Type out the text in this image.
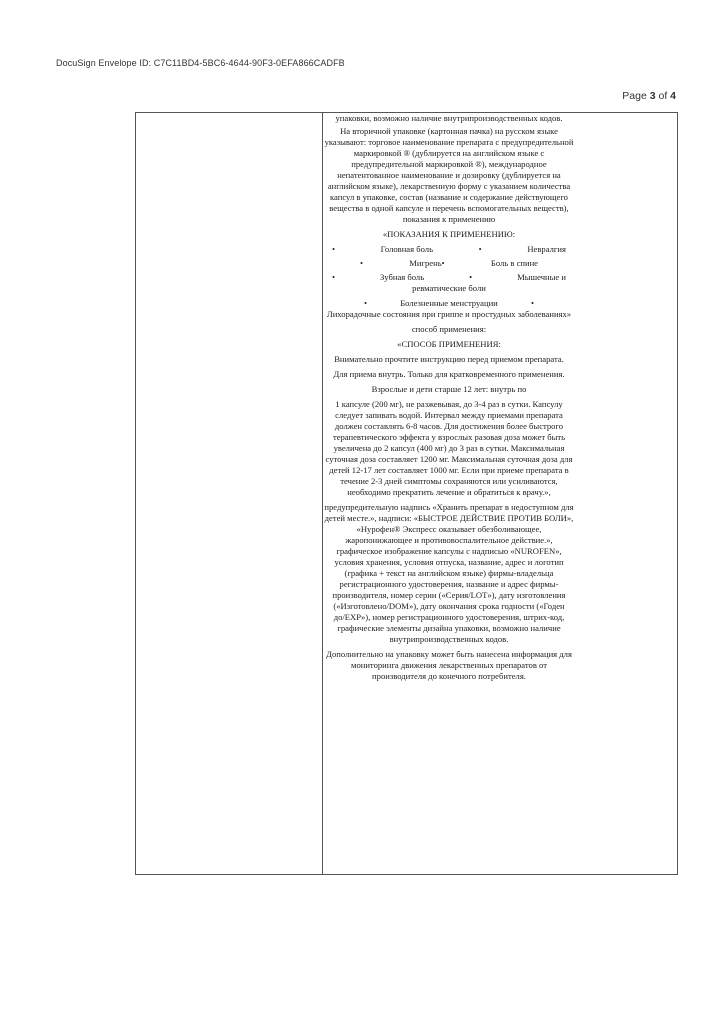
DocuSign Envelope ID: C7C11BD4-5BC6-4644-90F3-0EFA866CADFB
Page 3 of 4

упаковки, возможно наличие внутрипроизводственных кодов.

На вторичной упаковке (картонная пачка) на русском языке указывают: торговое наименование препарата с предупредительной маркировкой ® (дублируется на английском языке с предупредительной маркировкой ®), международное непатентованное наименование и дозировку (дублируется на английском языке), лекарственную форму с указанием количества капсул в упаковке, состав (название и содержание действующего вещества в одной капсуле и перечень вспомогательных веществ), показания к применению

«ПОКАЗАНИЯ К ПРИМЕНЕНИЮ:

•	Головная боль	•	Невралгия
•	Мигрень•	Боль в спине
•	Зубная боль	•	Мышечные и

ревматические боли

•	Болезненные менструации	•

Лихорадочные состояния при гриппе и простудных заболеваниях»

способ применения:

«СПОСОБ ПРИМЕНЕНИЯ:

Внимательно прочтите инструкцию перед приемом препарата.

Для приема внутрь. Только для кратковременного применения.

Взрослые и дети старше 12 лет: внутрь по

1 капсуле (200 мг), не разжевывая, до 3-4 раз в сутки. Капсулу следует запивать водой. Интервал между приемами препарата должен составлять 6-8 часов. Для достижения более быстрого терапевтического эффекта у взрослых разовая доза может быть увеличена до 2 капсул (400 мг) до 3 раз в сутки. Максимальная суточная доза составляет 1200 мг. Максимальная суточная доза для детей 12-17 лет составляет 1000 мг. Если при приеме препарата в течение 2-3 дней симптомы сохраняются или усиливаются, необходимо прекратить лечение и обратиться к врачу.»,

предупредительную надпись «Хранить препарат в недоступном для детей месте.», надписи: «БЫСТРОЕ ДЕЙСТВИЕ ПРОТИВ БОЛИ», «Нурофен® Экспресс оказывает обезболивающее, жаропонижающее и противовоспалительное действие.», графическое изображение капсулы с надписью «NUROFEN», условия хранения, условия отпуска, название, адрес и логотип (графика + текст на английском языке) фирмы-владельца регистрационного удостоверения, название и адрес фирмы-производителя, номер серии («Серия/LOT»), дату изготовления («Изготовлено/DOM»), дату окончания срока годности («Годен до/EXP»), номер регистрационного удостоверения, штрих-код, графические элементы дизайна упаковки, возможно наличие внутрипроизводственных кодов.

Дополнительно на упаковку может быть нанесена информация для мониторинга движения лекарственных препаратов от производителя до конечного потребителя.
